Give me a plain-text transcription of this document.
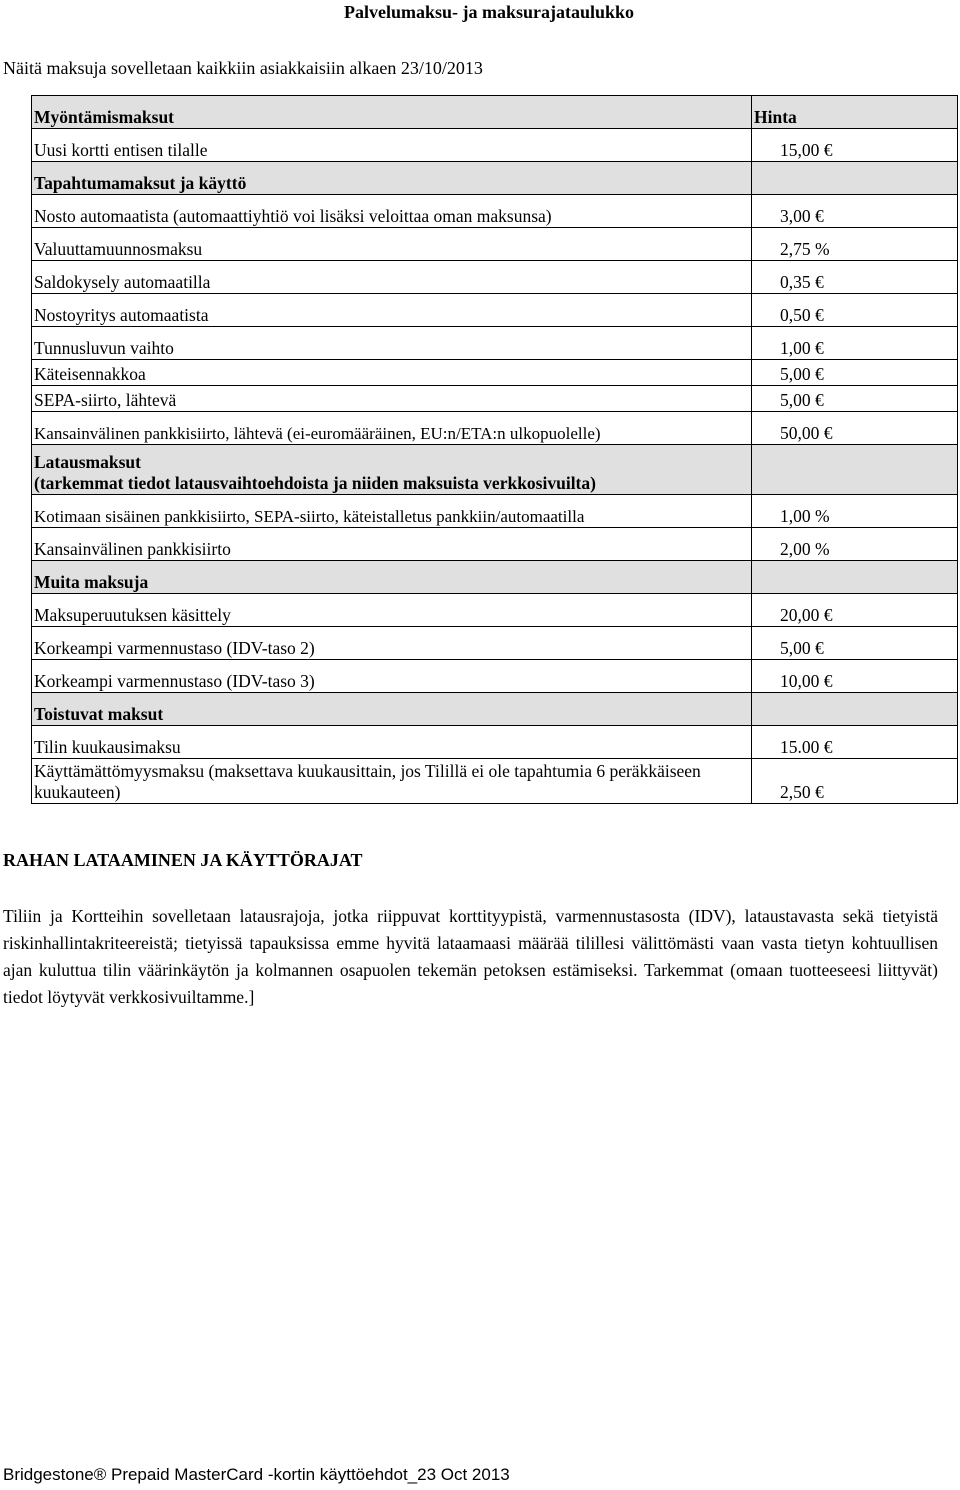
Palvelumaksu- ja maksurajataulukko
Näitä maksuja sovelletaan kaikkiin asiakkaisiin alkaen 23/10/2013
Myöntämismaksut	Hinta
Uusi kortti entisen tilalle	15,00 €
Tapahtumamaksut ja käyttö	
Nosto automaatista (automaattiyhtiö voi lisäksi veloittaa oman maksunsa)	3,00 €
Valuuttamuunnosmaksu	2,75 %
Saldokysely automaatilla	0,35 €
Nostoyritys automaatista	0,50 €
Tunnusluvun vaihto	1,00 €
Käteisennakkoa	5,00 €
SEPA-siirto, lähtevä	5,00 €
Kansainvälinen pankkisiirto, lähtevä (ei-euromääräinen, EU:n/ETA:n ulkopuolelle)	50,00 €

Latausmaksut
(tarkemmat tiedot latausvaihtoehdoista ja niiden maksuista verkkosivuilta)	

Kotimaan sisäinen pankkisiirto, SEPA-siirto, käteistalletus pankkiin/automaatilla	1,00 %
Kansainvälinen pankkisiirto	2,00 %
Muita maksuja	
Maksuperuutuksen käsittely	20,00 €
Korkeampi varmennustaso (IDV-taso 2)	5,00 €
Korkeampi varmennustaso (IDV-taso 3)	10,00 €
Toistuvat maksut	
Tilin kuukausimaksu	15.00 €
Käyttämättömyysmaksu (maksettava kuukausittain, jos Tilillä ei ole tapahtumia 6 peräkkäiseen kuukauteen)	2,50 €
RAHAN LATAAMINEN JA KÄYTTÖRAJAT
Tiliin ja Kortteihin sovelletaan latausrajoja, jotka riippuvat korttityypistä, varmennustasosta (IDV), lataustavasta sekä tietyistä riskinhallintakriteereistä; tietyissä tapauksissa emme hyvitä lataamaasi määrää tilillesi välittömästi vaan vasta tietyn kohtuullisen ajan kuluttua tilin väärinkäytön ja kolmannen osapuolen tekemän petoksen estämiseksi. Tarkemmat (omaan tuotteeseesi liittyvät) tiedot löytyvät verkkosivuiltamme.]
Bridgestone® Prepaid MasterCard -kortin käyttöehdot_23 Oct 2013
